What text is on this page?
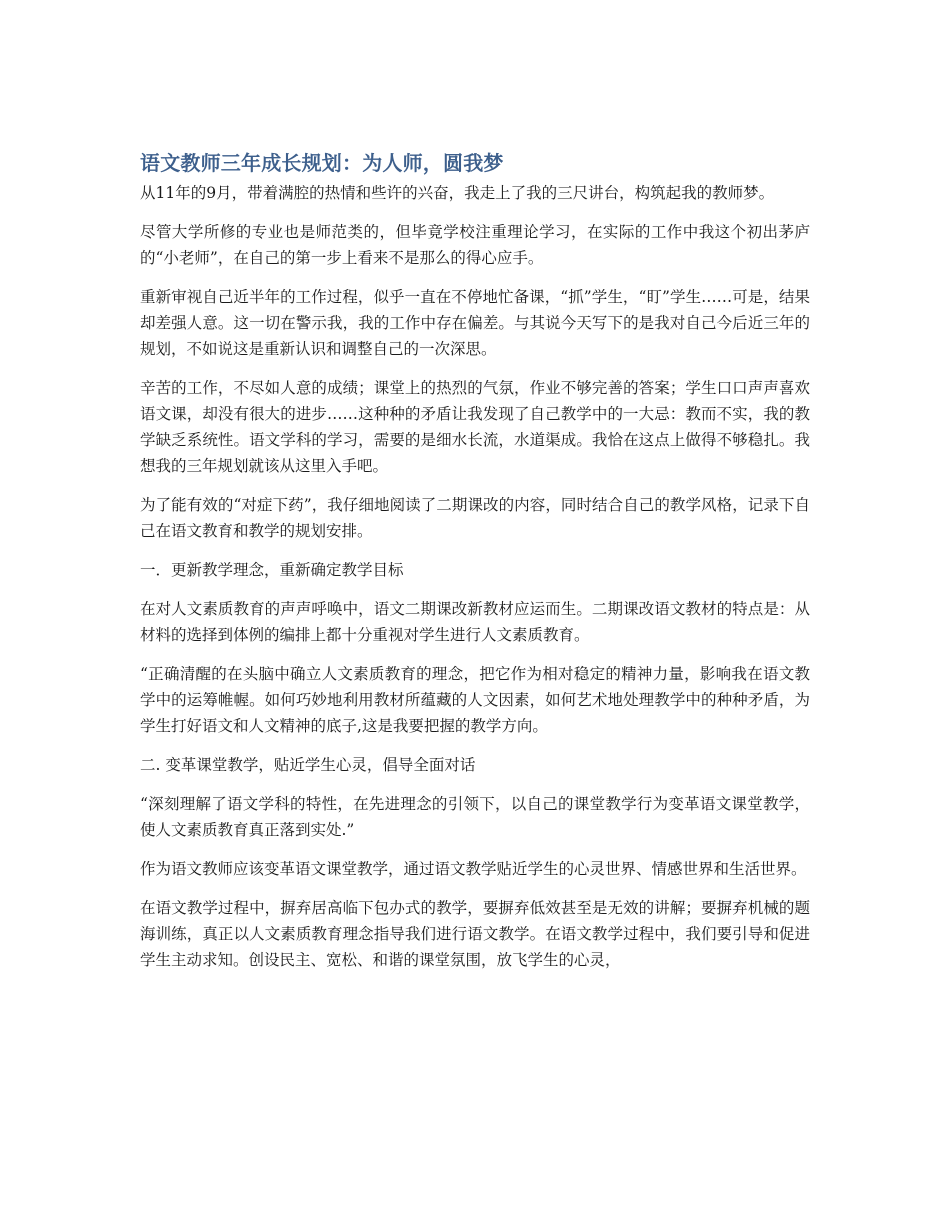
语文教师三年成长规划：为人师，圆我梦

从11年的9月，带着满腔的热情和些许的兴奋，我走上了我的三尺讲台，构筑起我的教师梦。

尽管大学所修的专业也是师范类的，但毕竟学校注重理论学习，在实际的工作中我这个初出茅庐的“小老师”，在自己的第一步上看来不是那么的得心应手。

重新审视自己近半年的工作过程，似乎一直在不停地忙备课，“抓”学生，“盯”学生……可是，结果却差强人意。这一切在警示我，我的工作中存在偏差。与其说今天写下的是我对自己今后近三年的规划，不如说这是重新认识和调整自己的一次深思。

辛苦的工作，不尽如人意的成绩；课堂上的热烈的气氛，作业不够完善的答案；学生口口声声喜欢语文课，却没有很大的进步……这种种的矛盾让我发现了自己教学中的一大忌：教而不实，我的教学缺乏系统性。语文学科的学习，需要的是细水长流，水道渠成。我恰在这点上做得不够稳扎。我想我的三年规划就该从这里入手吧。

为了能有效的“对症下药”，我仔细地阅读了二期课改的内容，同时结合自己的教学风格，记录下自己在语文教育和教学的规划安排。

一．更新教学理念，重新确定教学目标

在对人文素质教育的声声呼唤中，语文二期课改新教材应运而生。二期课改语文教材的特点是：从材料的选择到体例的编排上都十分重视对学生进行人文素质教育。

“正确清醒的在头脑中确立人文素质教育的理念，把它作为相对稳定的精神力量，影响我在语文教学中的运筹帷幄。如何巧妙地利用教材所蕴藏的人文因素，如何艺术地处理教学中的种种矛盾，为学生打好语文和人文精神的底子,这是我要把握的教学方向。

二. 变革课堂教学，贴近学生心灵，倡导全面对话

“深刻理解了语文学科的特性，在先进理念的引领下，以自己的课堂教学行为变革语文课堂教学，使人文素质教育真正落到实处.”

作为语文教师应该变革语文课堂教学，通过语文教学贴近学生的心灵世界、情感世界和生活世界。

在语文教学过程中，摒弃居高临下包办式的教学，要摒弃低效甚至是无效的讲解；要摒弃机械的题海训练，真正以人文素质教育理念指导我们进行语文教学。在语文教学过程中，我们要引导和促进学生主动求知。创设民主、宽松、和谐的课堂氛围，放飞学生的心灵，
